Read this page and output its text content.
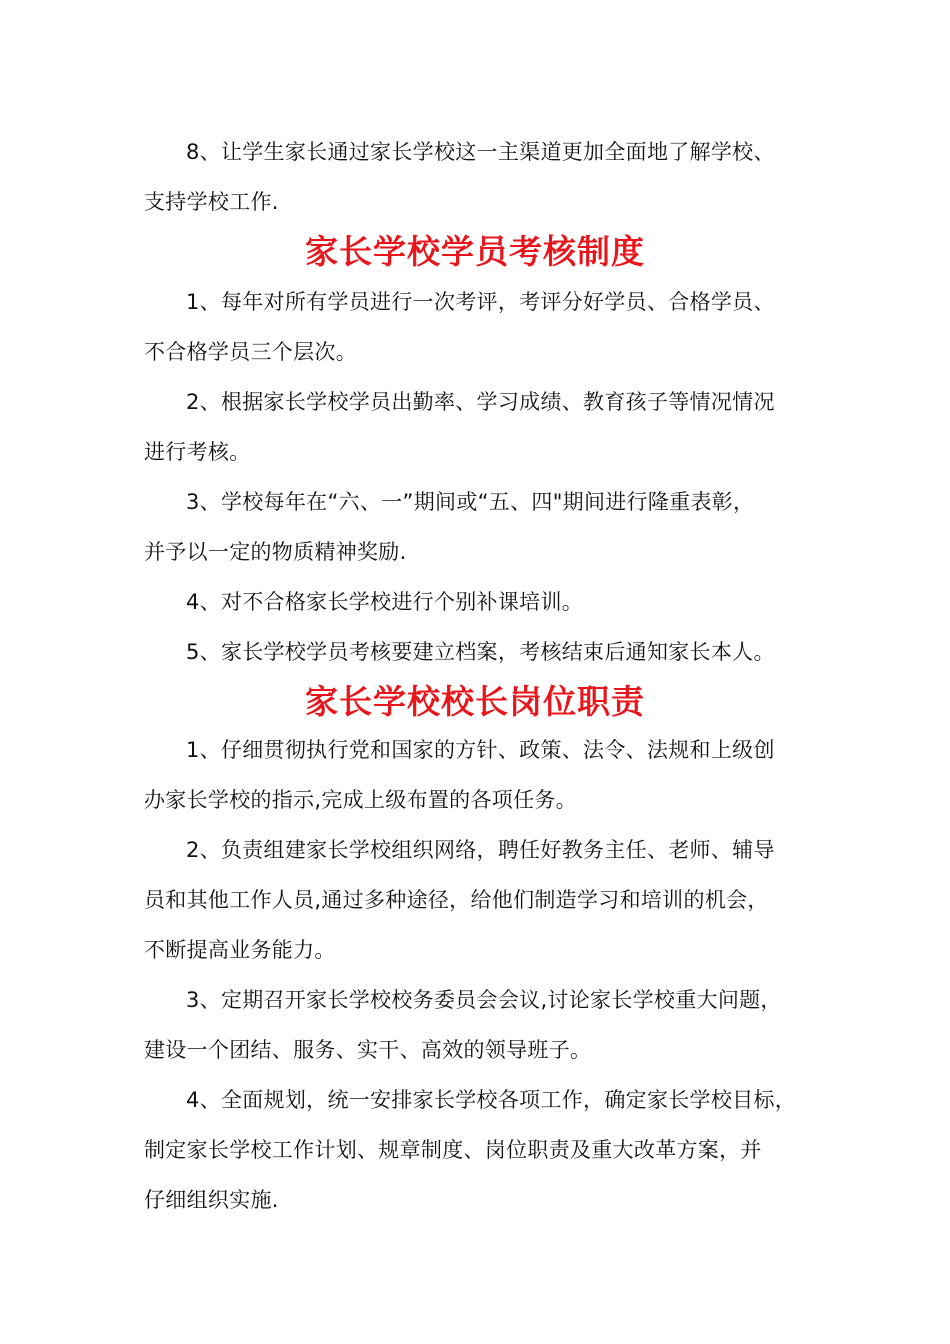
8、让学生家长通过家长学校这一主渠道更加全面地了解学校、
支持学校工作.
家长学校学员考核制度
1、每年对所有学员进行一次考评，考评分好学员、合格学员、
不合格学员三个层次。
2、根据家长学校学员出勤率、学习成绩、教育孩子等情况情况
进行考核。
3、学校每年在“六、一”期间或“五、四"期间进行隆重表彰，
并予以一定的物质精神奖励.
4、对不合格家长学校进行个别补课培训。
5、家长学校学员考核要建立档案，考核结束后通知家长本人。
家长学校校长岗位职责
1、仔细贯彻执行党和国家的方针、政策、法令、法规和上级创
办家长学校的指示,完成上级布置的各项任务。
2、负责组建家长学校组织网络，聘任好教务主任、老师、辅导
员和其他工作人员,通过多种途径，给他们制造学习和培训的机会，
不断提高业务能力。
3、定期召开家长学校校务委员会会议,讨论家长学校重大问题，
建设一个团结、服务、实干、高效的领导班子。
4、全面规划，统一安排家长学校各项工作，确定家长学校目标，
制定家长学校工作计划、规章制度、岗位职责及重大改革方案，并
仔细组织实施.
